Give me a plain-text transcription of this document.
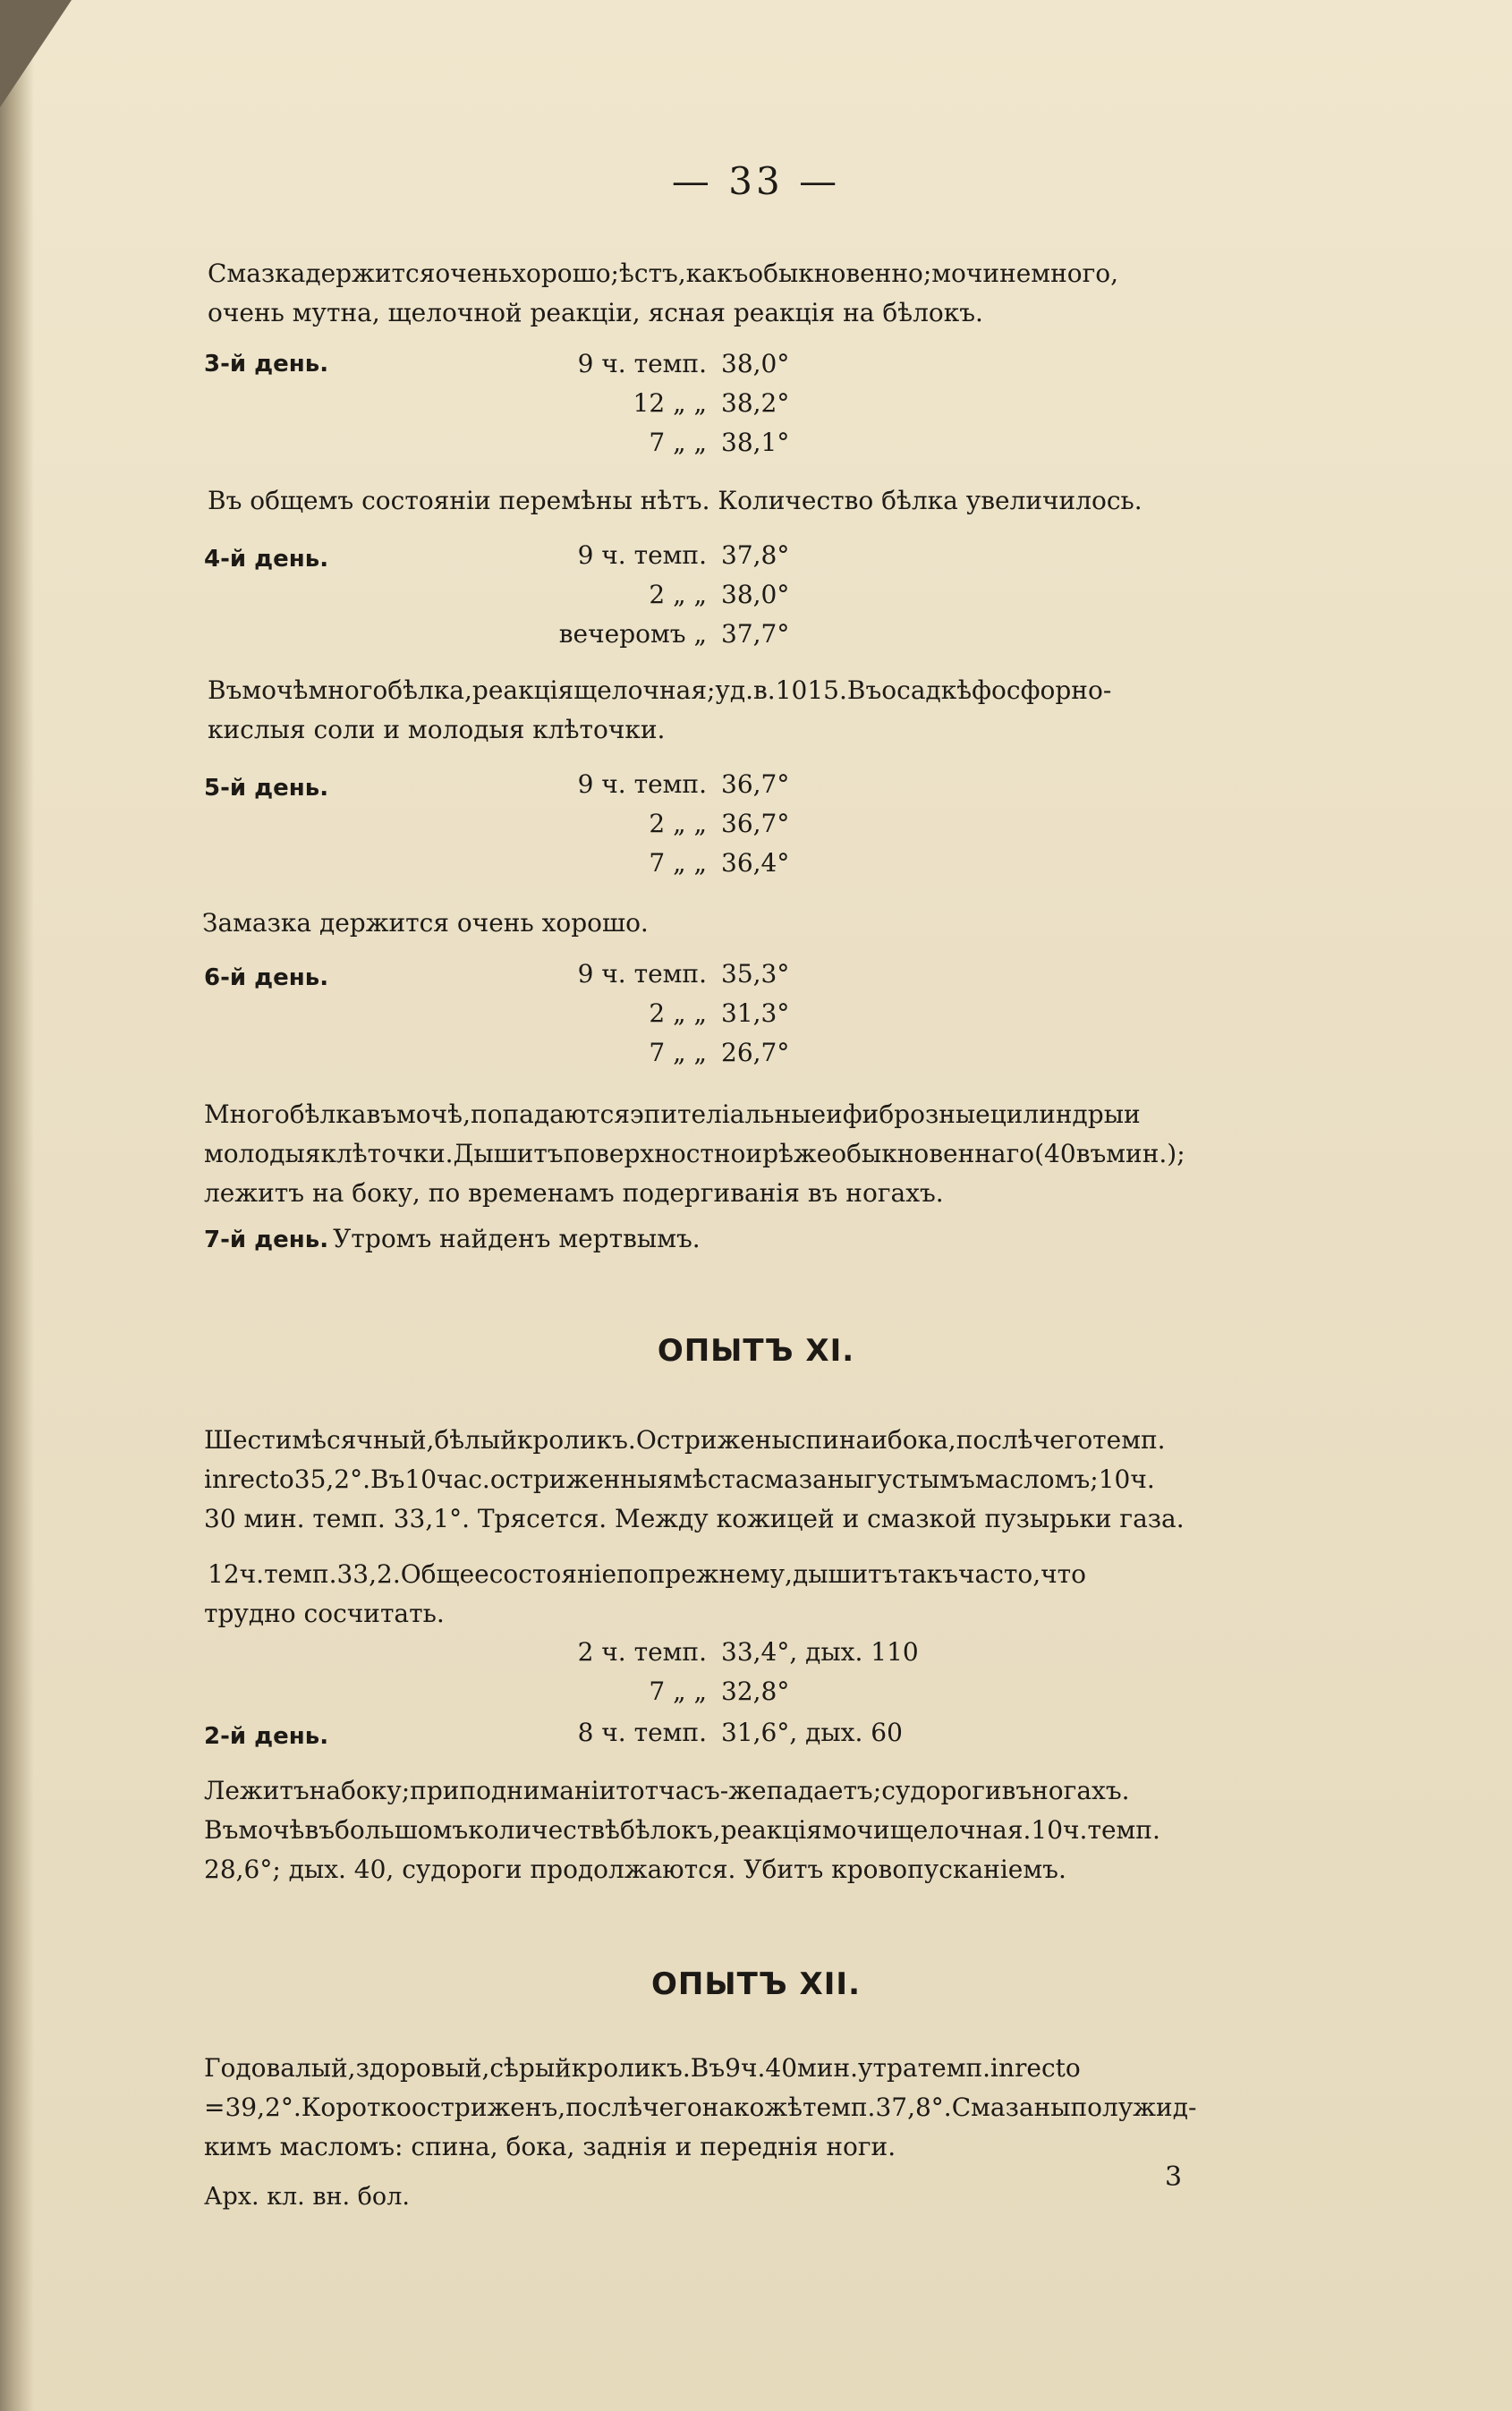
— 33 —
Смазкадержитсяоченьхорошо;ѣстъ,какъобыкновенно;мочинемного,
очень мутна, щелочной реакціи, ясная реакція на бѣлокъ.
3-й день.	9 ч. темп. 38,0°
12 „ „ 38,2°
7 „ „ 38,1°
Въ общемъ состояніи перемѣны нѣтъ. Количество бѣлка увеличилось.
4-й день.	9 ч. темп. 37,8°
2 „ „ 38,0°
вечеромъ „ 37,7°
Въмочѣмногобѣлка,реакціящелочная;уд.в.1015.Въосадкѣфосфорно-
кислыя соли и молодыя клѣточки.
5-й день.	9 ч. темп. 36,7°
2 „ „ 36,7°
7 „ „ 36,4°
Замазка держится очень хорошо.
6-й день.	9 ч. темп. 35,3°
2 „ „ 31,3°
7 „ „ 26,7°
Многобѣлкавъмочѣ,попадаютсяэпителіальныеифиброзныецилиндрыи
молодыяклѣточки.Дышитъповерхностноирѣжеобыкновеннаго(40въмин.);
лежитъ на боку, по временамъ подергиванія въ ногахъ.
7-й день. Утромъ найденъ мертвымъ.
ОПЫТЪ XI.
Шестимѣсячный,бѣлыйкроликъ.Остриженыспинаибока,послѣчеготемп.
inrecto35,2°.Въ10час.остриженныямѣстасмазаныгустымъмасломъ;10ч.
30 мин. темп. 33,1°. Трясется. Между кожицей и смазкой пузырьки газа.
12ч.темп.33,2.Общеесостояніепопрежнему,дышитътакъчасто,что
трудно сосчитать.
2 ч. темп. 33,4°, дых. 110
7 „ „ 32,8°
2-й день.	8 ч. темп. 31,6°, дых. 60
Лежитънабоку;приподниманіитотчасъ-жепадаетъ;судорогивъногахъ.
Въмочѣвъбольшомъколичествѣбѣлокъ,реакціямочищелочная.10ч.темп.
28,6°; дых. 40, судороги продолжаются. Убитъ кровопусканіемъ.
ОПЫТЪ XII.
Годовалый,здоровый,сѣрыйкроликъ.Въ9ч.40мин.утратемп.inrecto
=39,2°.Короткоостриженъ,послѣчегонакожѣтемп.37,8°.Смазаныполужид-
кимъ масломъ: спина, бока, заднія и переднія ноги.
3
Арх. кл. вн. бол.
